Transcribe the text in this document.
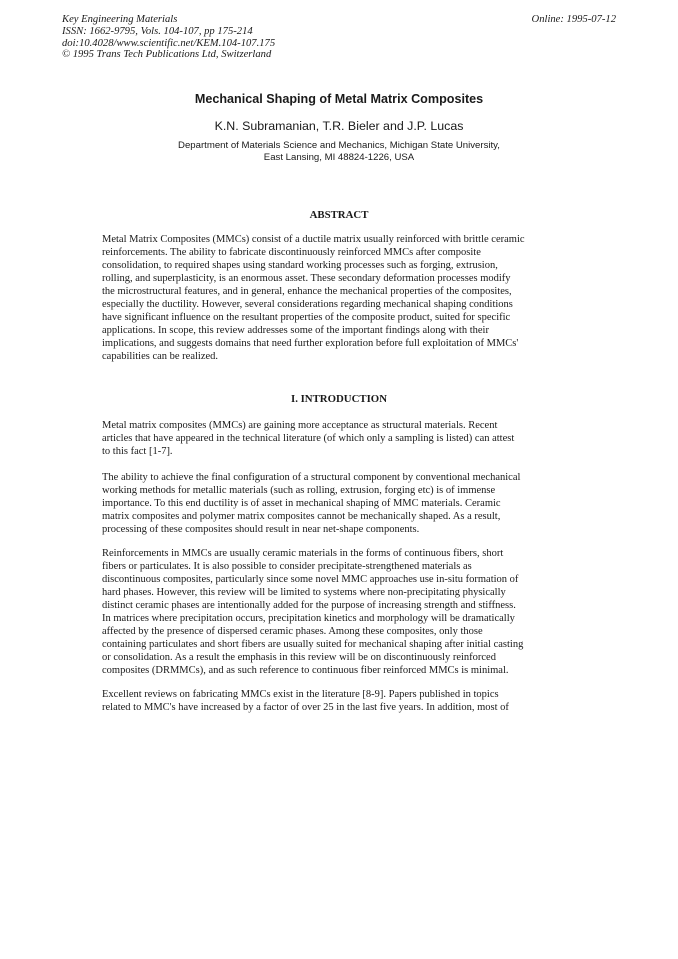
Key Engineering Materials
ISSN: 1662-9795, Vols. 104-107, pp 175-214
doi:10.4028/www.scientific.net/KEM.104-107.175
© 1995 Trans Tech Publications Ltd, Switzerland
Online: 1995-07-12
Mechanical Shaping of Metal Matrix Composites
K.N. Subramanian, T.R. Bieler and J.P. Lucas
Department of Materials Science and Mechanics, Michigan State University,
East Lansing, MI 48824-1226, USA
ABSTRACT
Metal Matrix Composites (MMCs) consist of a ductile matrix usually reinforced with brittle ceramic
reinforcements. The ability to fabricate discontinuously reinforced MMCs after composite
consolidation, to required shapes using standard working processes such as forging, extrusion,
rolling, and superplasticity, is an enormous asset. These secondary deformation processes modify
the microstructural features, and in general, enhance the mechanical properties of the composites,
especially the ductility. However, several considerations regarding mechanical shaping conditions
have significant influence on the resultant properties of the composite product, suited for specific
applications. In scope, this review addresses some of the important findings along with their
implications, and suggests domains that need further exploration before full exploitation of MMCs'
capabilities can be realized.
I. INTRODUCTION
Metal matrix composites (MMCs) are gaining more acceptance as structural materials. Recent
articles that have appeared in the technical literature (of which only a sampling is listed) can attest
to this fact [1-7].
The ability to achieve the final configuration of a structural component by conventional mechanical
working methods for metallic materials (such as rolling, extrusion, forging etc) is of immense
importance. To this end ductility is of asset in mechanical shaping of MMC materials. Ceramic
matrix composites and polymer matrix composites cannot be mechanically shaped. As a result,
processing of these composites should result in near net-shape components.
Reinforcements in MMCs are usually ceramic materials in the forms of continuous fibers, short
fibers or particulates. It is also possible to consider precipitate-strengthened materials as
discontinuous composites, particularly since some novel MMC approaches use in-situ formation of
hard phases. However, this review will be limited to systems where non-precipitating physically
distinct ceramic phases are intentionally added for the purpose of increasing strength and stiffness.
In matrices where precipitation occurs, precipitation kinetics and morphology will be dramatically
affected by the presence of dispersed ceramic phases. Among these composites, only those
containing particulates and short fibers are usually suited for mechanical shaping after initial casting
or consolidation. As a result the emphasis in this review will be on discontinuously reinforced
composites (DRMMCs), and as such reference to continuous fiber reinforced MMCs is minimal.
Excellent reviews on fabricating MMCs exist in the literature [8-9]. Papers published in topics
related to MMC's have increased by a factor of over 25 in the last five years. In addition, most of
